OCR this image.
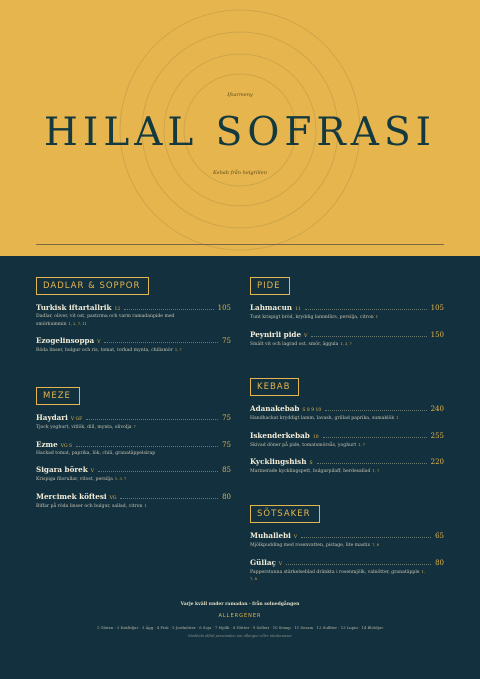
Ifsarmeny
HILAL SOFRASI
Kebab från helgrillen
DADLAR & SOPPOR
Turkisk iftartallrik 12	105
Dadlar, oliver, vit ost, pastırma och varm ramadanpide med smörkummin 1, 2, 7, 11
Ezogelinsoppa V	75
Röda linser, bulgur och ris, tomat, torkad mynta, chilismör 1, 7
PIDE
Lahmacun 11	105
Tunt krispigt bröd, kryddig lammfärs, persilja, citron 1
Peynirli pide V	150
Smält vit och lagrad ost, smör, äggula 1, 3, 7
MEZE
Haydari V GF	75
Tjock yoghurt, vitlök, dill, mynta, olivolja 7
Ezme VG S	75
Hackad tomat, paprika, lök, chili, granatäppelsirap
Sigara börek V	85
Krispiga filorullar, vitost, persilja 1, 3, 7
Mercimek köftesi VG	80
Biffar på röda linser och bulgur, sallad, citron 1
KEBAB
Adanakebab S 8 9 10	240
Handhackat kryddigt lamm, lavash, grillad paprika, sumaklök 1
Iskenderkebab 10	255
Skivad döner på pide, tomatsmörsås, yoghurt 1, 7
Kycklingshish S	220
Marinerade kycklingspett, bulgurpilaff, herdesallad 1, 7
SÖTSAKER
Muhallebi V	65
Mjölkpudding med rosenvatten, pistage, lite mastix 7, 8
Güllaç V	80
Papperstunna stärkelseblad dränkta i rosenmjölk, valnötter, granatäpple 1, 7, 8
Varje kväll under ramadan · från solnedgången
ALLERGENER
1 Gluten · 2 Kräftdjur · 3 Ägg · 4 Fisk · 5 Jordnötter · 6 Soja · 7 Mjölk · 8 Nötter · 9 Selleri · 10 Senap · 11 Sesam · 12 Sulfiter · 13 Lupin · 14 Blötdjur
Meddela alltid personalen om allergier eller intoleranser
